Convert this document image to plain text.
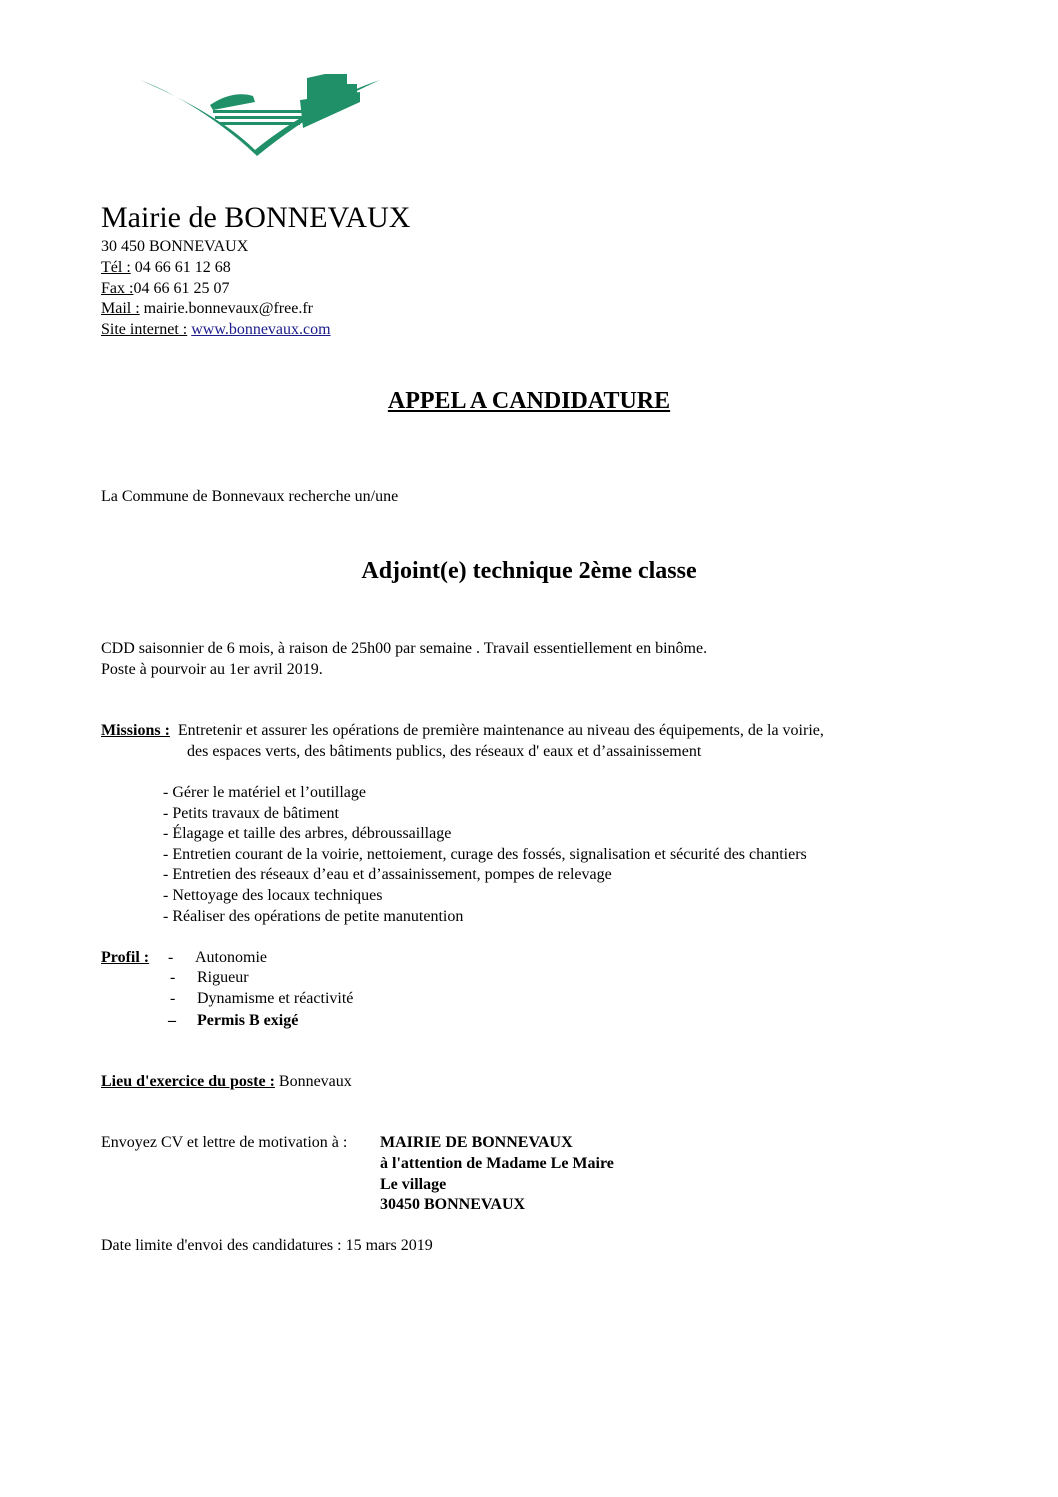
Mairie de BONNEVAUX
30 450 BONNEVAUX
Tél : 04 66 61 12 68
Fax :04 66 61 25 07
Mail : mairie.bonnevaux@free.fr
Site internet : www.bonnevaux.com
APPEL A CANDIDATURE
La Commune de Bonnevaux recherche un/une
Adjoint(e) technique 2ème classe
CDD saisonnier de 6 mois, à raison de 25h00 par semaine . Travail essentiellement en binôme.
Poste à pourvoir au 1er avril 2019.
Missions : Entretenir et assurer les opérations de première maintenance au niveau des équipements, de la voirie,
des espaces verts, des bâtiments publics, des réseaux d' eaux et d’assainissement
- Gérer le matériel et l’outillage
- Petits travaux de bâtiment
- Élagage et taille des arbres, débroussaillage
- Entretien courant de la voirie, nettoiement, curage des fossés, signalisation et sécurité des chantiers
- Entretien des réseaux d’eau et d’assainissement, pompes de relevage
- Nettoyage des locaux techniques
- Réaliser des opérations de petite manutention
Profil :	- Autonomie
- Rigueur
- Dynamisme et réactivité
– Permis B exigé
Lieu d'exercice du poste : Bonnevaux
Envoyez CV et lettre de motivation à : MAIRIE DE BONNEVAUX
à l'attention de Madame Le Maire
Le village
30450 BONNEVAUX
Date limite d'envoi des candidatures : 15 mars 2019
